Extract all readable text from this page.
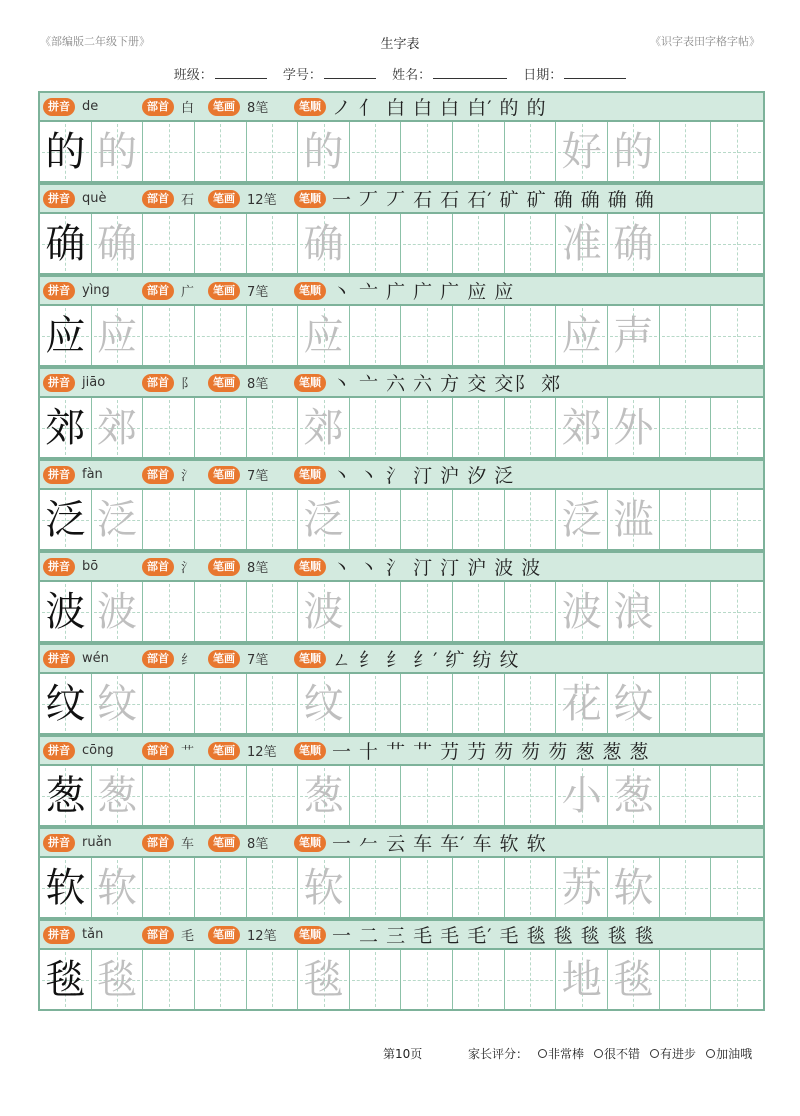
《部编版二年级下册》	生字表	《识字表田字格字帖》
班级：	学号：	姓名：	日期：
拼音 de	部首 白	笔画 8笔	笔顺 ノ 亻 白 白 白 白′ 的 的
的 的	的	好 的
拼音 què	部首 石	笔画 12笔	笔顺 一 丆 丆 石 石 石′ 矿 矿 确 确 确 确
确 确	确	准 确
拼音 yìng	部首 广	笔画 7笔	笔顺 丶 亠 广 广 广 应 应
应 应	应	应 声
拼音 jiāo	部首 阝	笔画 8笔	笔顺 丶 亠 六 六 方 交 交阝 郊
郊 郊	郊	郊 外
拼音 fàn	部首 氵	笔画 7笔	笔顺 丶 丶 氵 汀 沪 汐 泛
泛 泛	泛	泛 滥
拼音 bō	部首 氵	笔画 8笔	笔顺 丶 丶 氵 汀 汀 沪 波 波
波 波	波	波 浪
拼音 wén	部首 纟	笔画 7笔	笔顺 ㄥ 纟 纟 纟′ 纩 纺 纹
纹 纹	纹	花 纹
拼音 cōng	部首 艹	笔画 12笔	笔顺 一 十 艹 艹 芀 芀 芴 芴 芴 葱 葱 葱
葱 葱	葱	小 葱
拼音 ruǎn	部首 车	笔画 8笔	笔顺 一 𠂉 云 车 车′ 车 软 软
软 软	软	苏 软
拼音 tǎn	部首 毛	笔画 12笔	笔顺 一 二 三 毛 毛 毛′ 毛 毯 毯 毯 毯 毯
毯 毯	毯	地 毯
第10页	家长评分： 非常棒 很不错 有进步 加油哦
